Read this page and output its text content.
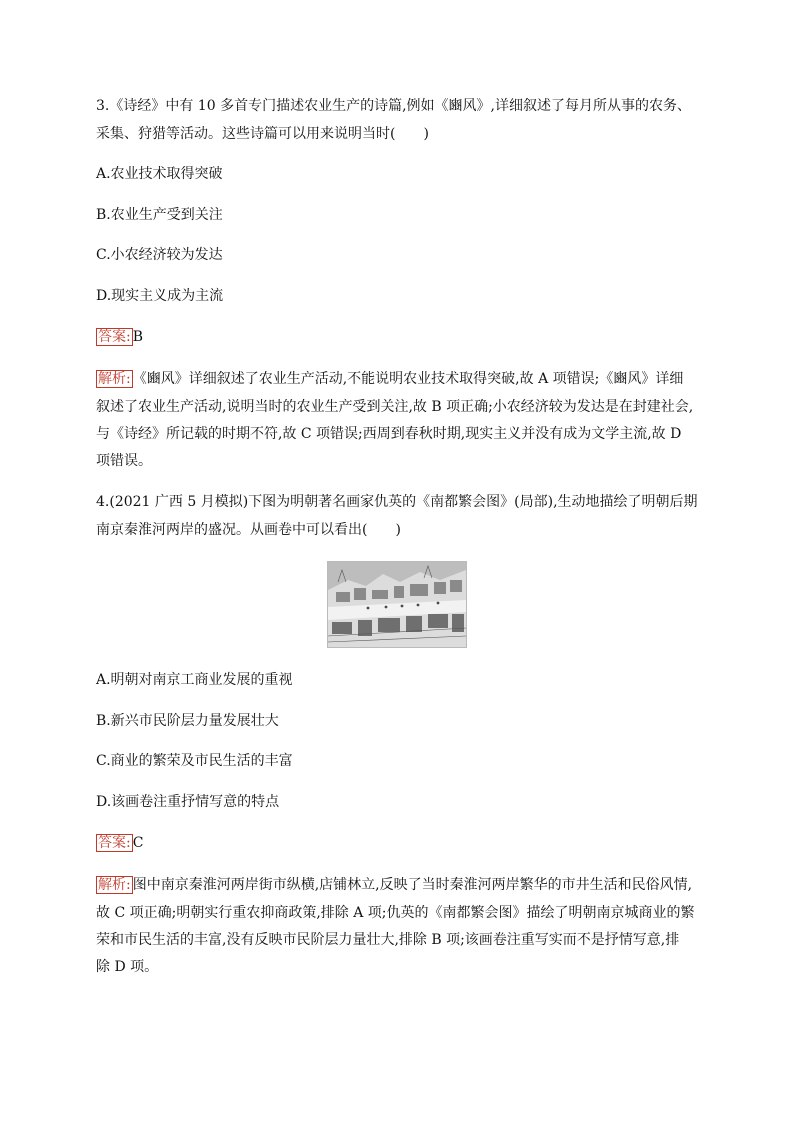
3.《诗经》中有 10 多首专门描述农业生产的诗篇,例如《豳风》,详细叙述了每月所从事的农务、
采集、狩猎等活动。这些诗篇可以用来说明当时(　　)
A.农业技术取得突破
B.农业生产受到关注
C.小农经济较为发达
D.现实主义成为主流
答案: B
解析: 《豳风》详细叙述了农业生产活动,不能说明农业技术取得突破,故 A 项错误;《豳风》详细
叙述了农业生产活动,说明当时的农业生产受到关注,故 B 项正确;小农经济较为发达是在封建社会,
与《诗经》所记载的时期不符,故 C 项错误;西周到春秋时期,现实主义并没有成为文学主流,故 D
项错误。
4.(2021 广西 5 月模拟)下图为明朝著名画家仇英的《南都繁会图》(局部),生动地描绘了明朝后期
南京秦淮河两岸的盛况。从画卷中可以看出(　　)
A.明朝对南京工商业发展的重视
B.新兴市民阶层力量发展壮大
C.商业的繁荣及市民生活的丰富
D.该画卷注重抒情写意的特点
答案: C
解析: 图中南京秦淮河两岸街市纵横,店铺林立,反映了当时秦淮河两岸繁华的市井生活和民俗风情,
故 C 项正确;明朝实行重农抑商政策,排除 A 项;仇英的《南都繁会图》描绘了明朝南京城商业的繁
荣和市民生活的丰富,没有反映市民阶层力量壮大,排除 B 项;该画卷注重写实而不是抒情写意,排
除 D 项。
